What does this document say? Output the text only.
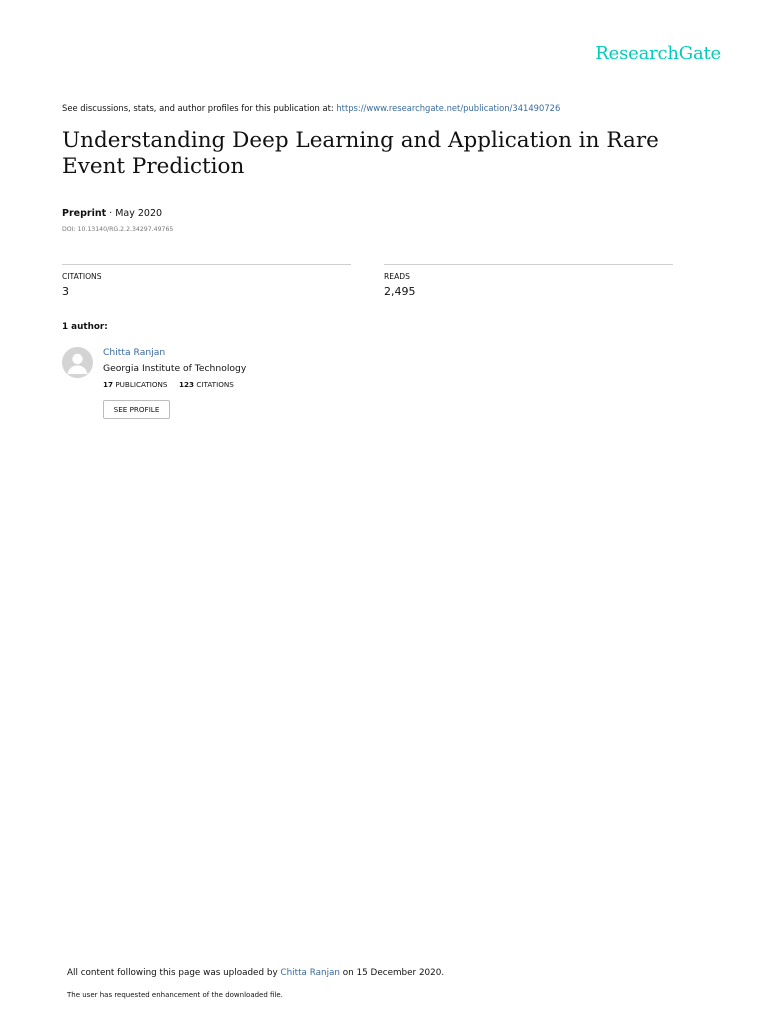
ResearchGate
See discussions, stats, and author profiles for this publication at: https://www.researchgate.net/publication/341490726
Understanding Deep Learning and Application in Rare Event Prediction
Preprint · May 2020
DOI: 10.13140/RG.2.2.34297.49765
CITATIONS
3
READS
2,495
1 author:
Chitta Ranjan
Georgia Institute of Technology
17 PUBLICATIONS 123 CITATIONS
SEE PROFILE
All content following this page was uploaded by Chitta Ranjan on 15 December 2020.
The user has requested enhancement of the downloaded file.
